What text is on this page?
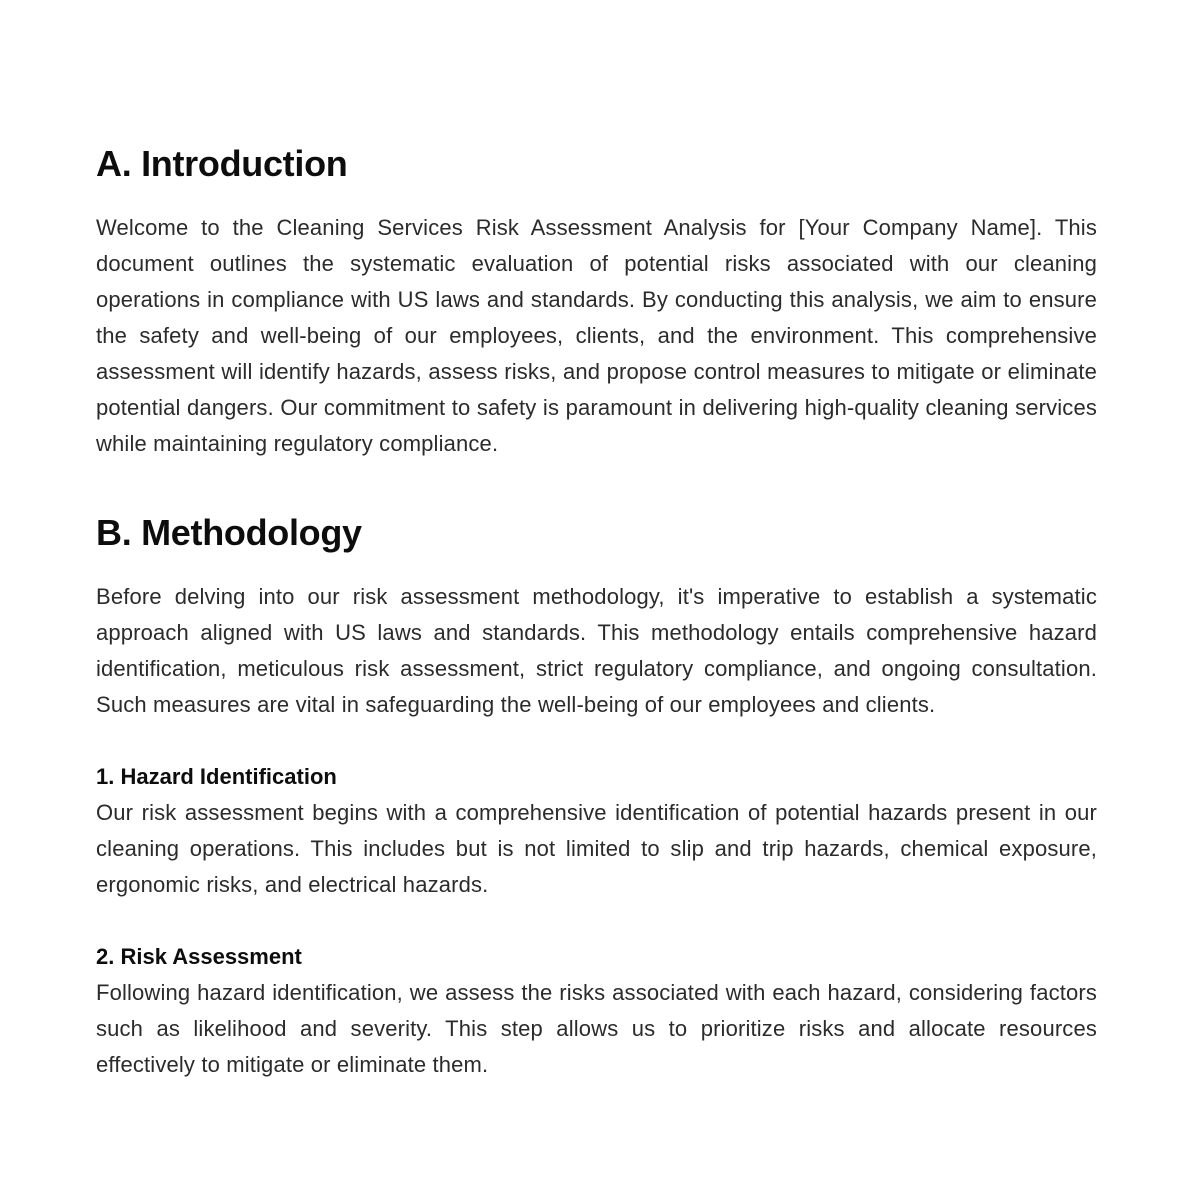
A. Introduction

Welcome to the Cleaning Services Risk Assessment Analysis for [Your Company Name]. This document outlines the systematic evaluation of potential risks associated with our cleaning operations in compliance with US laws and standards. By conducting this analysis, we aim to ensure the safety and well-being of our employees, clients, and the environment. This comprehensive assessment will identify hazards, assess risks, and propose control measures to mitigate or eliminate potential dangers. Our commitment to safety is paramount in delivering high-quality cleaning services while maintaining regulatory compliance.

B. Methodology

Before delving into our risk assessment methodology, it's imperative to establish a systematic approach aligned with US laws and standards. This methodology entails comprehensive hazard identification, meticulous risk assessment, strict regulatory compliance, and ongoing consultation. Such measures are vital in safeguarding the well-being of our employees and clients.

1. Hazard Identification

Our risk assessment begins with a comprehensive identification of potential hazards present in our cleaning operations. This includes but is not limited to slip and trip hazards, chemical exposure, ergonomic risks, and electrical hazards.

2. Risk Assessment

Following hazard identification, we assess the risks associated with each hazard, considering factors such as likelihood and severity. This step allows us to prioritize risks and allocate resources effectively to mitigate or eliminate them.
